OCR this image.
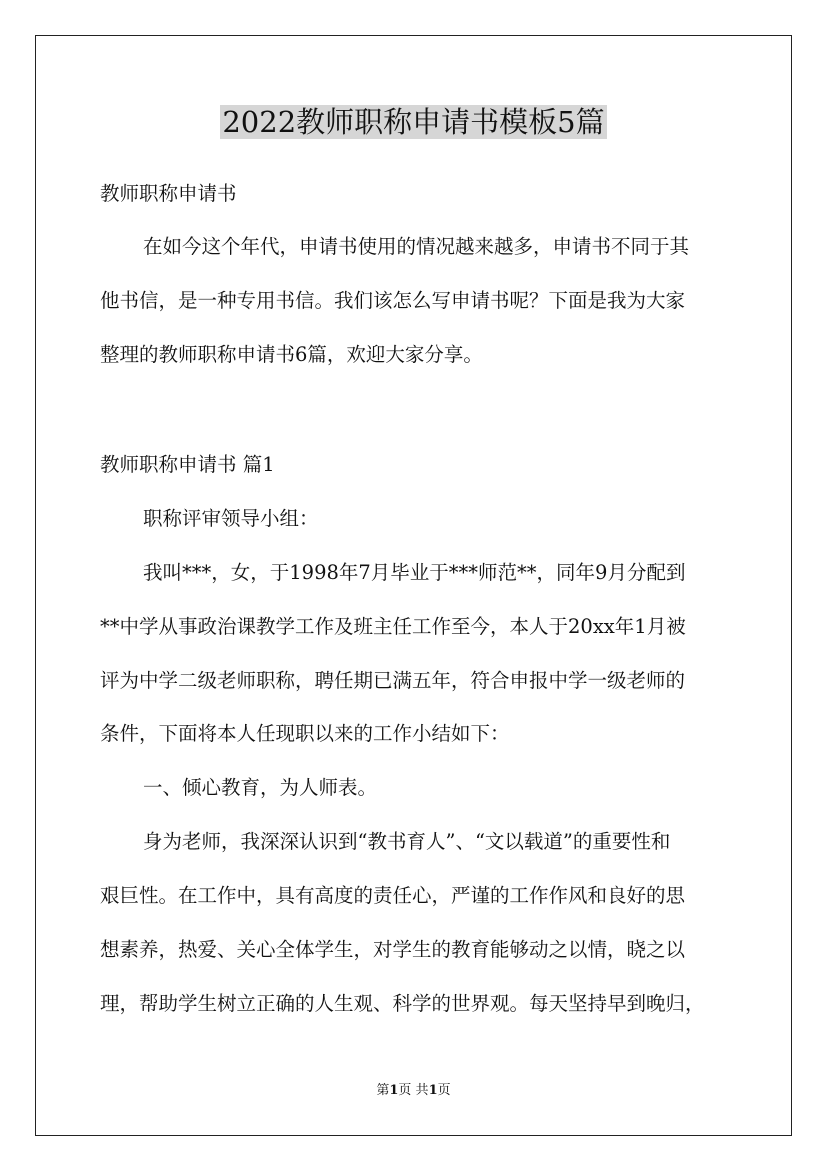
2022教师职称申请书模板5篇

教师职称申请书

在如今这个年代，申请书使用的情况越来越多，申请书不同于其

他书信，是一种专用书信。我们该怎么写申请书呢？下面是我为大家

整理的教师职称申请书6篇，欢迎大家分享。

教师职称申请书 篇1

职称评审领导小组：

我叫***，女，于1998年7月毕业于***师范**，同年9月分配到

**中学从事政治课教学工作及班主任工作至今，本人于20xx年1月被

评为中学二级老师职称，聘任期已满五年，符合申报中学一级老师的

条件，下面将本人任现职以来的工作小结如下：

一、倾心教育，为人师表。

身为老师，我深深认识到“教书育人”、“文以载道”的重要性和

艰巨性。在工作中，具有高度的责任心，严谨的工作作风和良好的思

想素养，热爱、关心全体学生，对学生的教育能够动之以情，晓之以

理，帮助学生树立正确的人生观、科学的世界观。每天坚持早到晚归，

第1页 共1页
